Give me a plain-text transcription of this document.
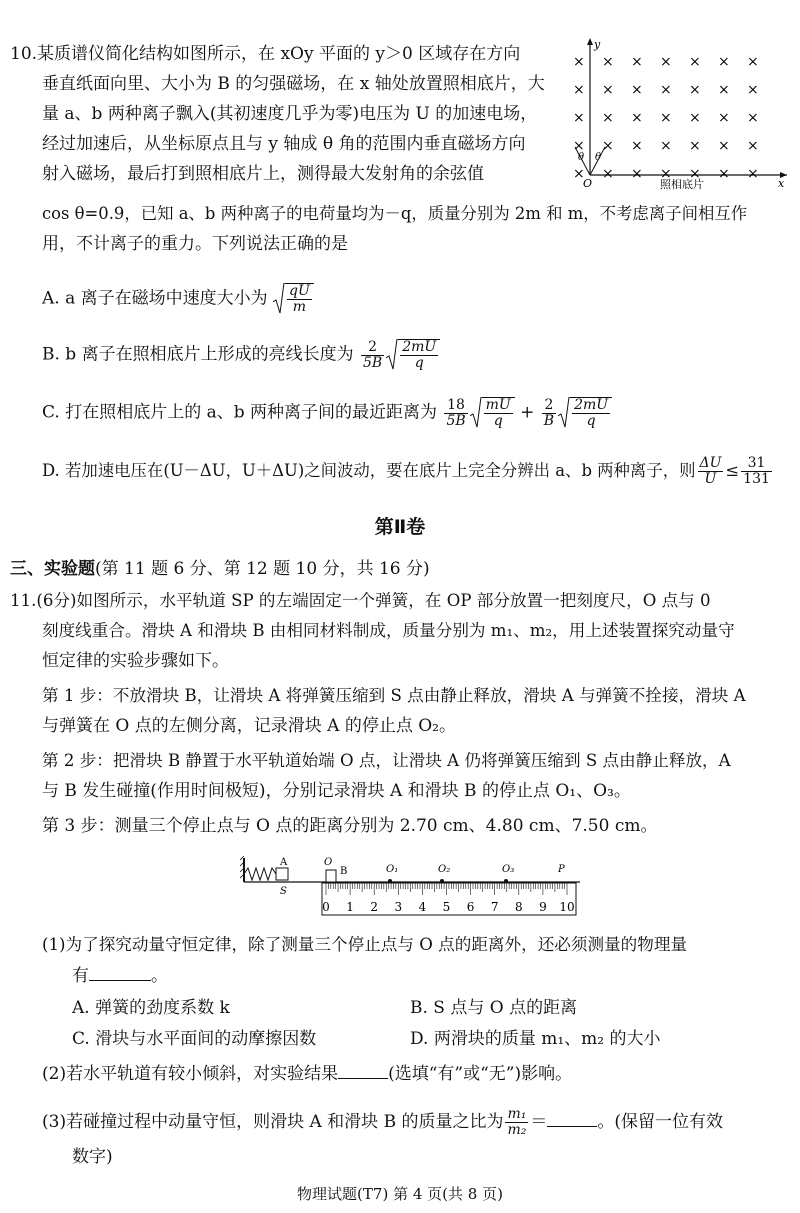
10.某质谱仪简化结构如图所示，在 xOy 平面的 y＞0 区域存在方向
垂直纸面向里、大小为 B 的匀强磁场，在 x 轴处放置照相底片，大
量 a、b 两种离子飘入(其初速度几乎为零)电压为 U 的加速电场，
经过加速后，从坐标原点且与 y 轴成 θ 角的范围内垂直磁场方向
射入磁场，最后打到照相底片上，测得最大发射角的余弦值
cos θ=0.9，已知 a、b 两种离子的电荷量均为－q，质量分别为 2m 和 m，不考虑离子间相互作
用，不计离子的重力。下列说法正确的是
y
x
O	照相底片
θ θ
× × × × × × ×
× × × × × × ×
× × × × × × ×
× × × × × × ×
× × × × × × ×
A. a 离子在磁场中速度大小为 $\frac{qU}{m}$
B. b 离子在照相底片上形成的亮线长度为 $\frac{2}{5B} \frac{2mU}{q}$
C. 打在照相底片上的 a、b 两种离子间的最近距离为 $\frac{18}{5B} \frac{mU}{q} + \frac{2}{B} \frac{2mU}{q}$
D. 若加速电压在(U－ΔU，U＋ΔU)之间波动，要在底片上完全分辨出 a、b 两种离子，则 $\frac{\Delta U}{U} \le \frac{31}{131}$
第Ⅱ卷
三、实验题(第 11 题 6 分、第 12 题 10 分，共 16 分)
11.(6分)如图所示，水平轨道 SP 的左端固定一个弹簧，在 OP 部分放置一把刻度尺，O 点与 0
刻度线重合。滑块 A 和滑块 B 由相同材料制成，质量分别为 m₁、m₂，用上述装置探究动量守
恒定律的实验步骤如下。
第 1 步：不放滑块 B，让滑块 A 将弹簧压缩到 S 点由静止释放，滑块 A 与弹簧不拴接，滑块 A
与弹簧在 O 点的左侧分离，记录滑块 A 的停止点 O₂。
第 2 步：把滑块 B 静置于水平轨道始端 O 点，让滑块 A 仍将弹簧压缩到 S 点由静止释放，A
与 B 发生碰撞(作用时间极短)，分别记录滑块 A 和滑块 B 的停止点 O₁、O₃。
第 3 步：测量三个停止点与 O 点的距离分别为 2.70 cm、4.80 cm、7.50 cm。
A
S
O
B	O₁	O₂	O₃	P
0 1 2 3 4 5 6 7 8 9 10
(1)为了探究动量守恒定律，除了测量三个停止点与 O 点的距离外，还必须测量的物理量
有	。
A. 弹簧的劲度系数 k	B. S 点与 O 点的距离
C. 滑块与水平面间的动摩擦因数	D. 两滑块的质量 m₁、m₂ 的大小
(2)若水平轨道有较小倾斜，对实验结果	(选填“有”或“无”)影响。
(3)若碰撞过程中动量守恒，则滑块 A 和滑块 B 的质量之比为 $\frac{\text{m₁}}{\text{m₂}}$ ＝	。(保留一位有效
数字)
物理试题(T7) 第 4 页(共 8 页)
